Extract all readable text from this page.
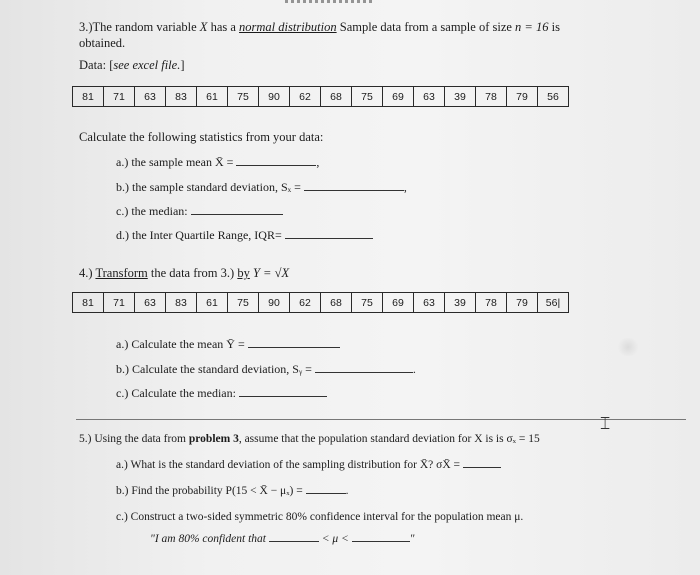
3.)The random variable X has a normal distribution Sample data from a sample of size n = 16 is
obtained.
Data: [see excel file.]
81	71	63	83	61	75	90	62	68	75	69	63	39	78	79	56
Calculate the following statistics from your data:
a.) the sample mean X̄ =	,
b.) the sample standard deviation, Sₓ =	,
c.) the median:
d.) the Inter Quartile Range, IQR=
4.) Transform the data from 3.) by Y = √X
81	71	63	83	61	75	90	62	68	75	69	63	39	78	79	56|
a.) Calculate the mean Ȳ =
b.) Calculate the standard deviation, Sᵧ =	.
c.) Calculate the median:
⌶
5.) Using the data from problem 3, assume that the population standard deviation for X is is σₓ = 15
a.) What is the standard deviation of the sampling distribution for X̄? σX̄ =
b.) Find the probability P(15 < X̄ − μₓ) =	.
c.) Construct a two-sided symmetric 80% confidence interval for the population mean μ.
"I am 80% confident that	< μ <	"
